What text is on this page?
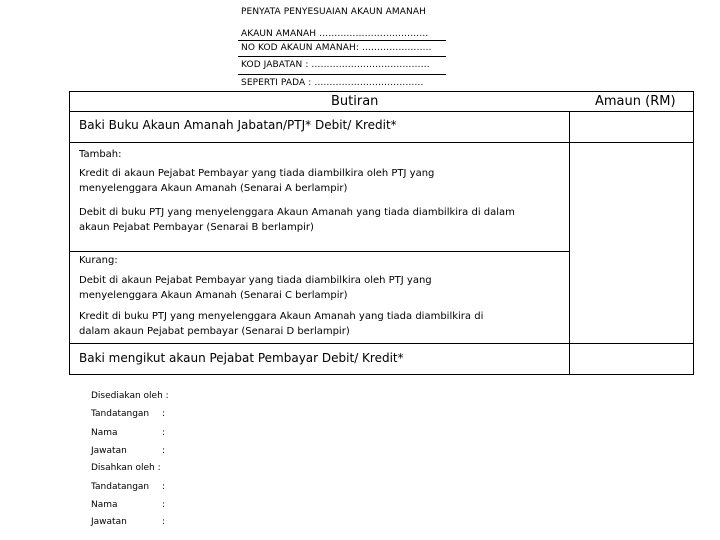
PENYATA PENYESUAIAN AKAUN AMANAH
AKAUN AMANAH ………………………………
NO KOD AKAUN AMANAH: …………………..
KOD JABATAN : …………………………………
SEPERTI PADA : ………………………………
Butiran	Amaun (RM)
Baki Buku Akaun Amanah Jabatan/PTJ* Debit/ Kredit*
Tambah:
Kredit di akaun Pejabat Pembayar yang tiada diambilkira oleh PTJ yang
menyelenggara Akaun Amanah (Senarai A berlampir)
Debit di buku PTJ yang menyelenggara Akaun Amanah yang tiada diambilkira di dalam
akaun Pejabat Pembayar (Senarai B berlampir)
Kurang:
Debit di akaun Pejabat Pembayar yang tiada diambilkira oleh PTJ yang
menyelenggara Akaun Amanah (Senarai C berlampir)
Kredit di buku PTJ yang menyelenggara Akaun Amanah yang tiada diambilkira di
dalam akaun Pejabat pembayar (Senarai D berlampir)
Baki mengikut akaun Pejabat Pembayar Debit/ Kredit*
Disediakan oleh :
Tandatangan :
Nama	:
Jawatan	:
Disahkan oleh :
Tandatangan :
Nama	:
Jawatan	:
